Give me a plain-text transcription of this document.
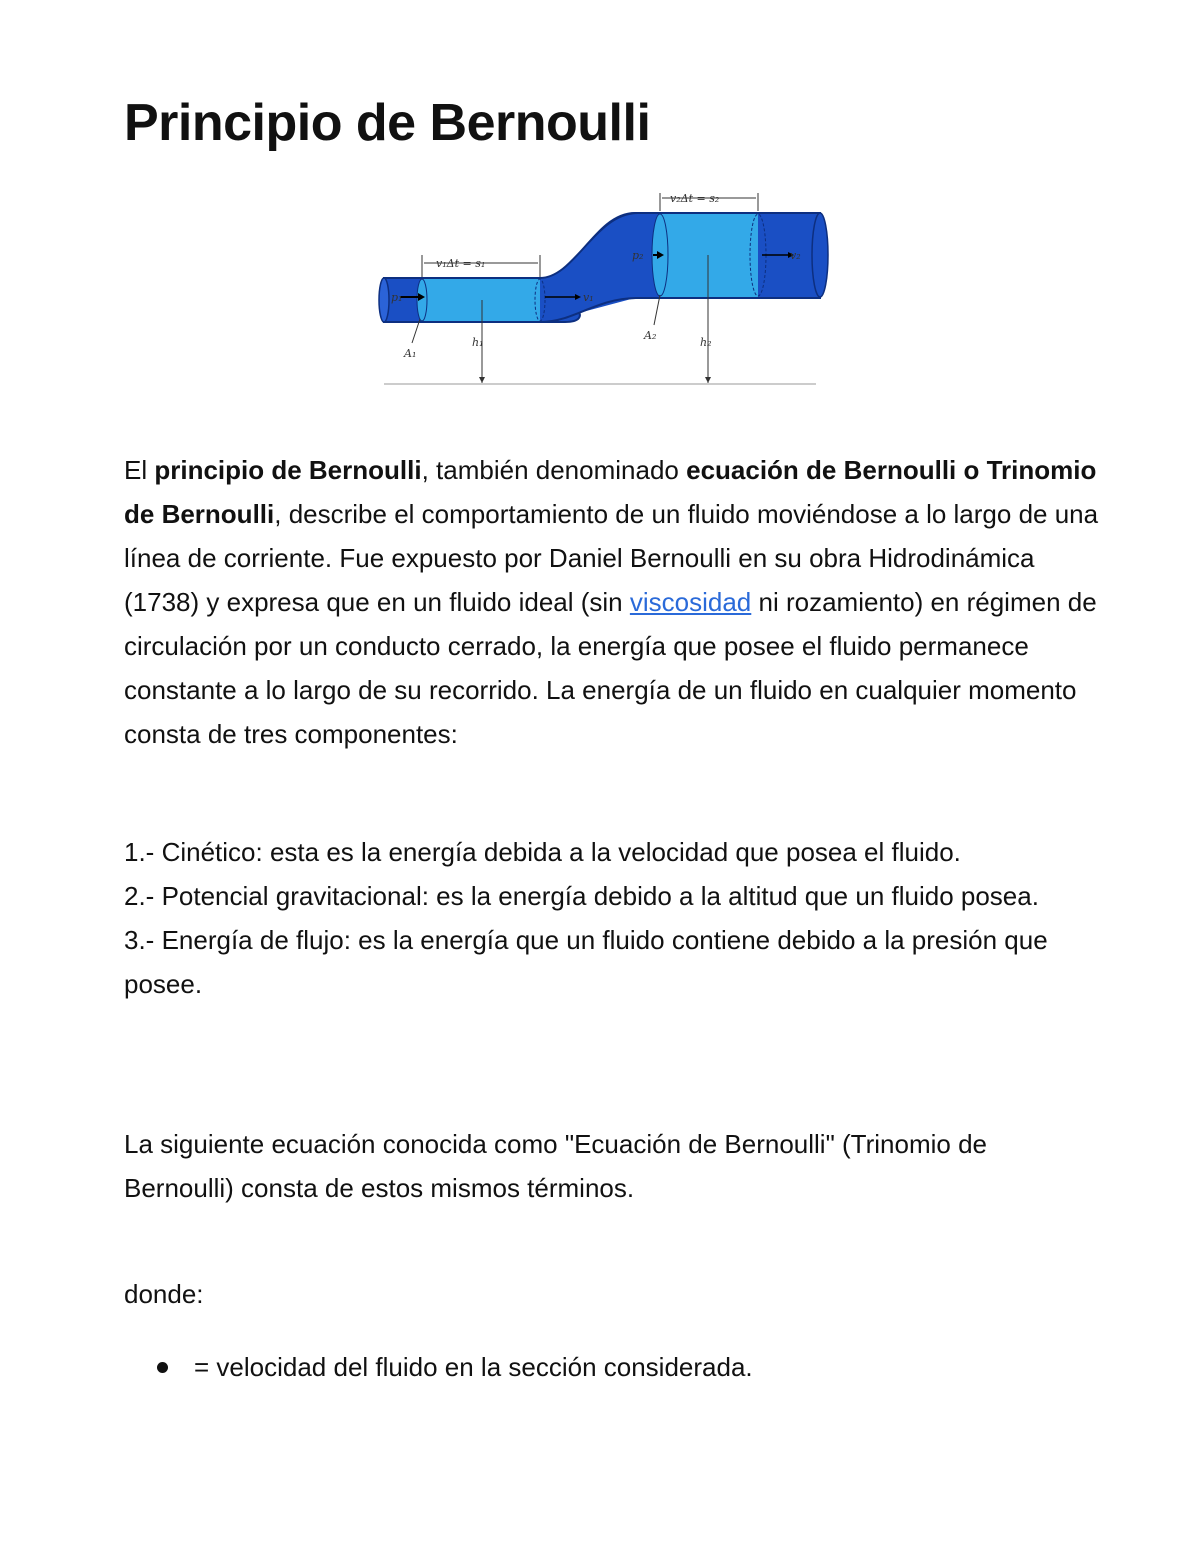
Principio de Bernoulli
v₁Δt = s₁
v₂Δt = s₂
p₁
p₂
v₁
v₂
A₁
A₂
h₁	h₂

El principio de Bernoulli, también denominado ecuación de Bernoulli o Trinomio de Bernoulli, describe el comportamiento de un fluido moviéndose a lo largo de una línea de corriente. Fue expuesto por Daniel Bernoulli en su obra Hidrodinámica (1738) y expresa que en un fluido ideal (sin viscosidad ni rozamiento) en régimen de circulación por un conducto cerrado, la energía que posee el fluido permanece constante a lo largo de su recorrido. La energía de un fluido en cualquier momento consta de tres componentes:

1.- Cinético: esta es la energía debida a la velocidad que posea el fluido.
2.- Potencial gravitacional: es la energía debido a la altitud que un fluido posea.
3.- Energía de flujo: es la energía que un fluido contiene debido a la presión que posee.

La siguiente ecuación conocida como "Ecuación de Bernoulli" (Trinomio de Bernoulli) consta de estos mismos términos.

donde:

= velocidad del fluido en la sección considerada.
